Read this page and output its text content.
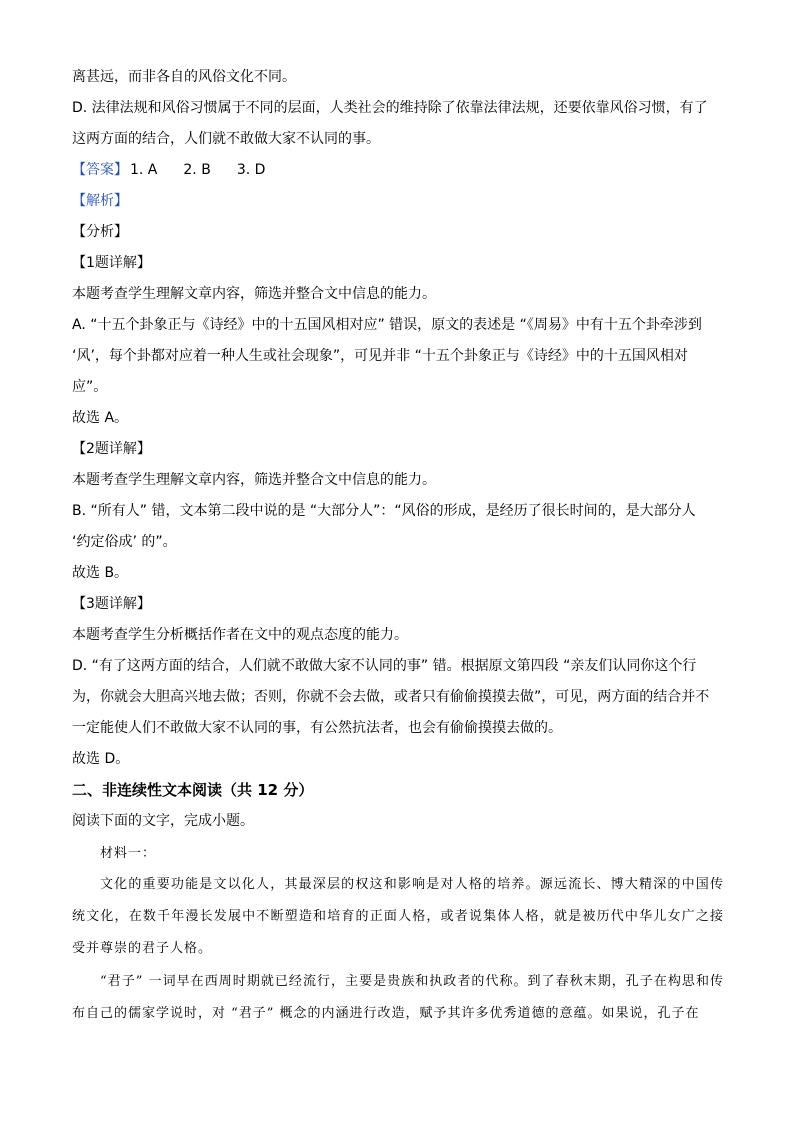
离甚远，而非各自的风俗文化不同。
D. 法律法规和风俗习惯属于不同的层面，人类社会的维持除了依靠法律法规，还要依靠风俗习惯，有了
这两方面的结合，人们就不敢做大家不认同的事。
【答案】 1. A 2. B 3. D
【解析】
【分析】
【1题详解】
本题考查学生理解文章内容，筛选并整合文中信息的能力。
A. “十五个卦象正与《诗经》中的十五国风相对应” 错误，原文的表述是 “《周易》中有十五个卦牵涉到
‘风’，每个卦都对应着一种人生或社会现象”，可见并非 “十五个卦象正与《诗经》中的十五国风相对
应”。
故选 A。
【2题详解】
本题考查学生理解文章内容，筛选并整合文中信息的能力。
B. “所有人” 错，文本第二段中说的是 “大部分人”：“风俗的形成，是经历了很长时间的，是大部分人
‘约定俗成’ 的”。
故选 B。
【3题详解】
本题考查学生分析概括作者在文中的观点态度的能力。
D. “有了这两方面的结合，人们就不敢做大家不认同的事” 错。根据原文第四段 “亲友们认同你这个行
为，你就会大胆高兴地去做；否则，你就不会去做，或者只有偷偷摸摸去做”，可见，两方面的结合并不
一定能使人们不敢做大家不认同的事，有公然抗法者，也会有偷偷摸摸去做的。
故选 D。
二、非连续性文本阅读（共 12 分）
阅读下面的文字，完成小题。
材料一：

文化的重要功能是文以化人，其最深层的权这和影响是对人格的培养。源远流长、博大精深的中国传统文化，在数千年漫长发展中不断塑造和培育的正面人格，或者说集体人格，就是被历代中华儿女广之接受并尊崇的君子人格。

“君子” 一词早在西周时期就已经流行，主要是贵族和执政者的代称。到了春秋末期，孔子在构思和传布自己的儒家学说时，对 “君子” 概念的内涵进行改造，赋予其许多优秀道德的意蕴。如果说，孔子在
